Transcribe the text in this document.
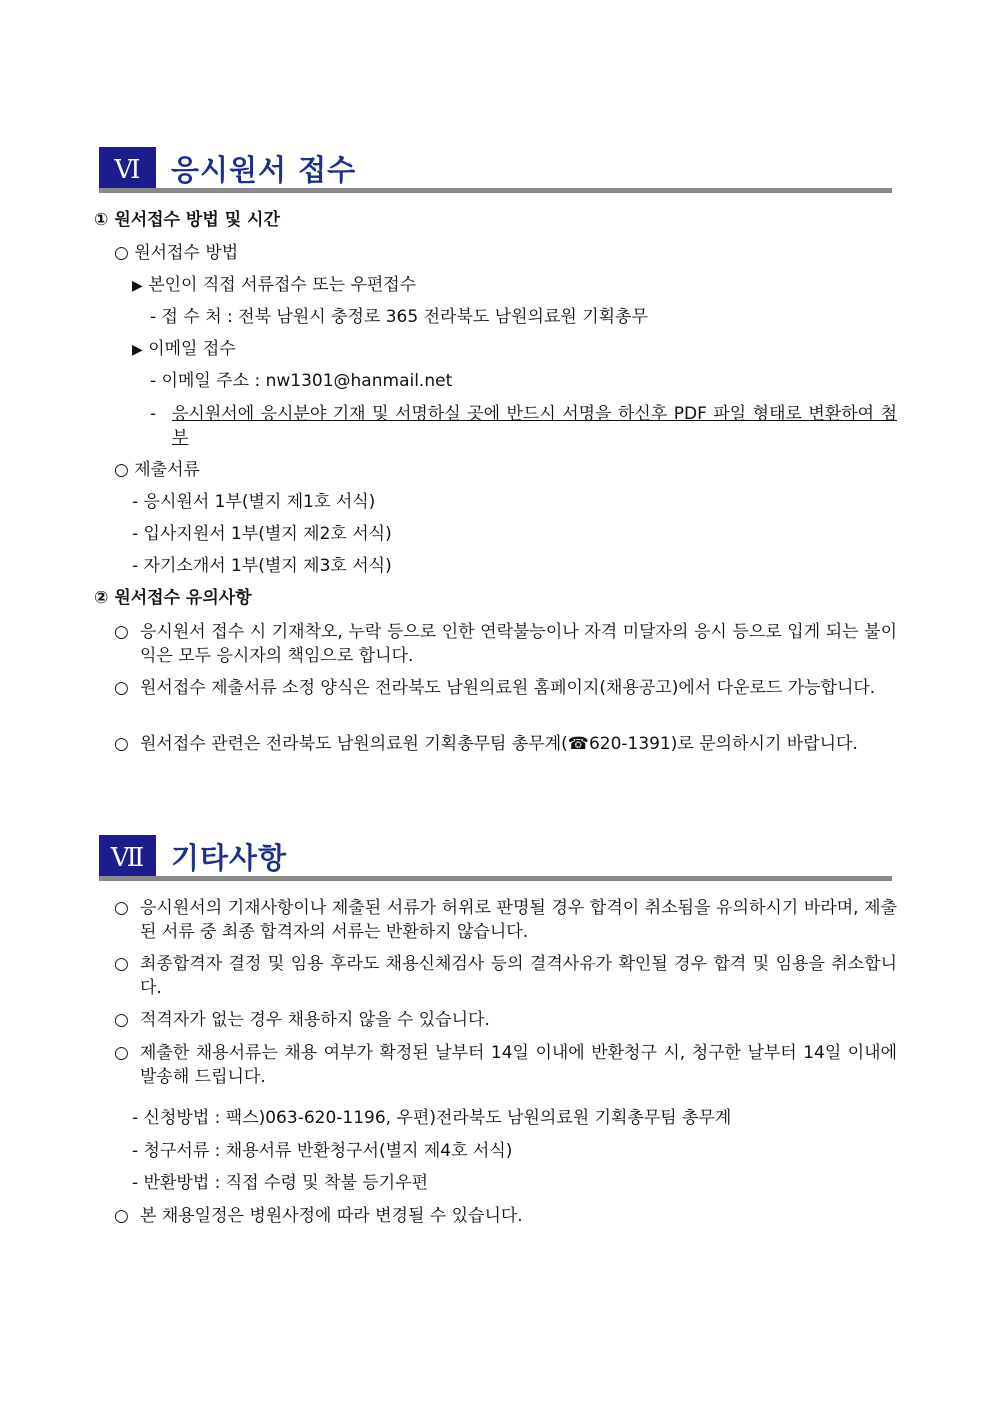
Ⅵ	응시원서 접수
① 원서접수 방법 및 시간
○ 원서접수 방법
▶ 본인이 직접 서류접수 또는 우편접수
- 접 수 처 : 전북 남원시 충정로 365 전라북도 남원의료원 기획총무
▶ 이메일 접수
- 이메일 주소 : nw1301@hanmail.net
- 응시원서에 응시분야 기재 및 서명하실 곳에 반드시 서명을 하신후 PDF 파일 형태로 변환하여 첨부
○ 제출서류
- 응시원서 1부(별지 제1호 서식)
- 입사지원서 1부(별지 제2호 서식)
- 자기소개서 1부(별지 제3호 서식)
② 원서접수 유의사항
○ 응시원서 접수 시 기재착오, 누락 등으로 인한 연락불능이나 자격 미달자의 응시 등으로 입게 되는 불이익은 모두 응시자의 책임으로 합니다.
○ 원서접수 제출서류 소정 양식은 전라북도 남원의료원 홈페이지(채용공고)에서 다운로드 가능합니다.
○ 원서접수 관련은 전라북도 남원의료원 기획총무팀 총무계(☎620-1391)로 문의하시기 바랍니다.
Ⅶ 기타사항
○ 응시원서의 기재사항이나 제출된 서류가 허위로 판명될 경우 합격이 취소됨을 유의하시기 바라며, 제출된 서류 중 최종 합격자의 서류는 반환하지 않습니다.
○ 최종합격자 결정 및 임용 후라도 채용신체검사 등의 결격사유가 확인될 경우 합격 및 임용을 취소합니다.
○ 적격자가 없는 경우 채용하지 않을 수 있습니다.
○ 제출한 채용서류는 채용 여부가 확정된 날부터 14일 이내에 반환청구 시, 청구한 날부터 14일 이내에 발송해 드립니다.
- 신청방법 : 팩스)063-620-1196, 우편)전라북도 남원의료원 기획총무팀 총무계
- 청구서류 : 채용서류 반환청구서(별지 제4호 서식)
- 반환방법 : 직접 수령 및 착불 등기우편
○ 본 채용일정은 병원사정에 따라 변경될 수 있습니다.
